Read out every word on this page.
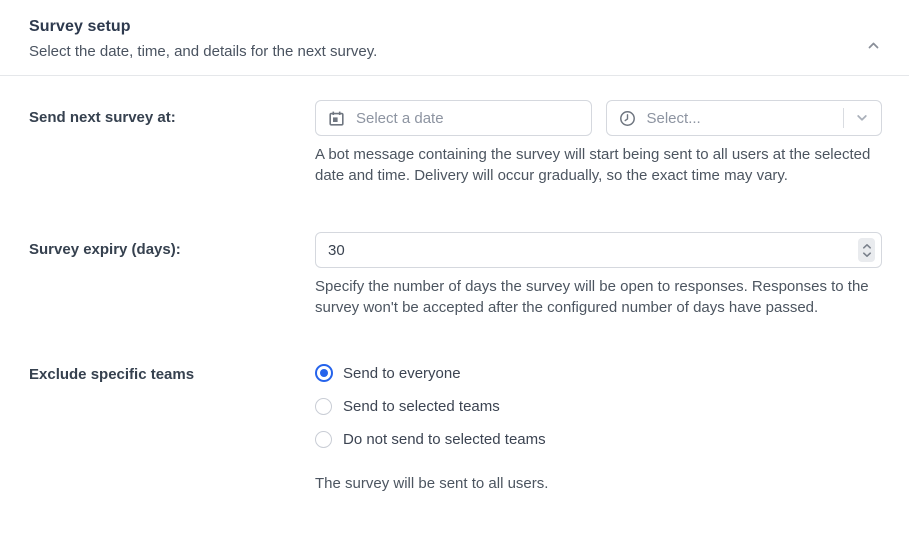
Survey setup
Select the date, time, and details for the next survey.
Send next survey at:	Select a date	Select...
A bot message containing the survey will start being sent to all users at the selected date and time. Delivery will occur gradually, so the exact time may vary.
Survey expiry (days):
30
Specify the number of days the survey will be open to responses. Responses to the survey won't be accepted after the configured number of days have passed.
Exclude specific teams	Send to everyone
Send to selected teams
Do not send to selected teams
The survey will be sent to all users.
